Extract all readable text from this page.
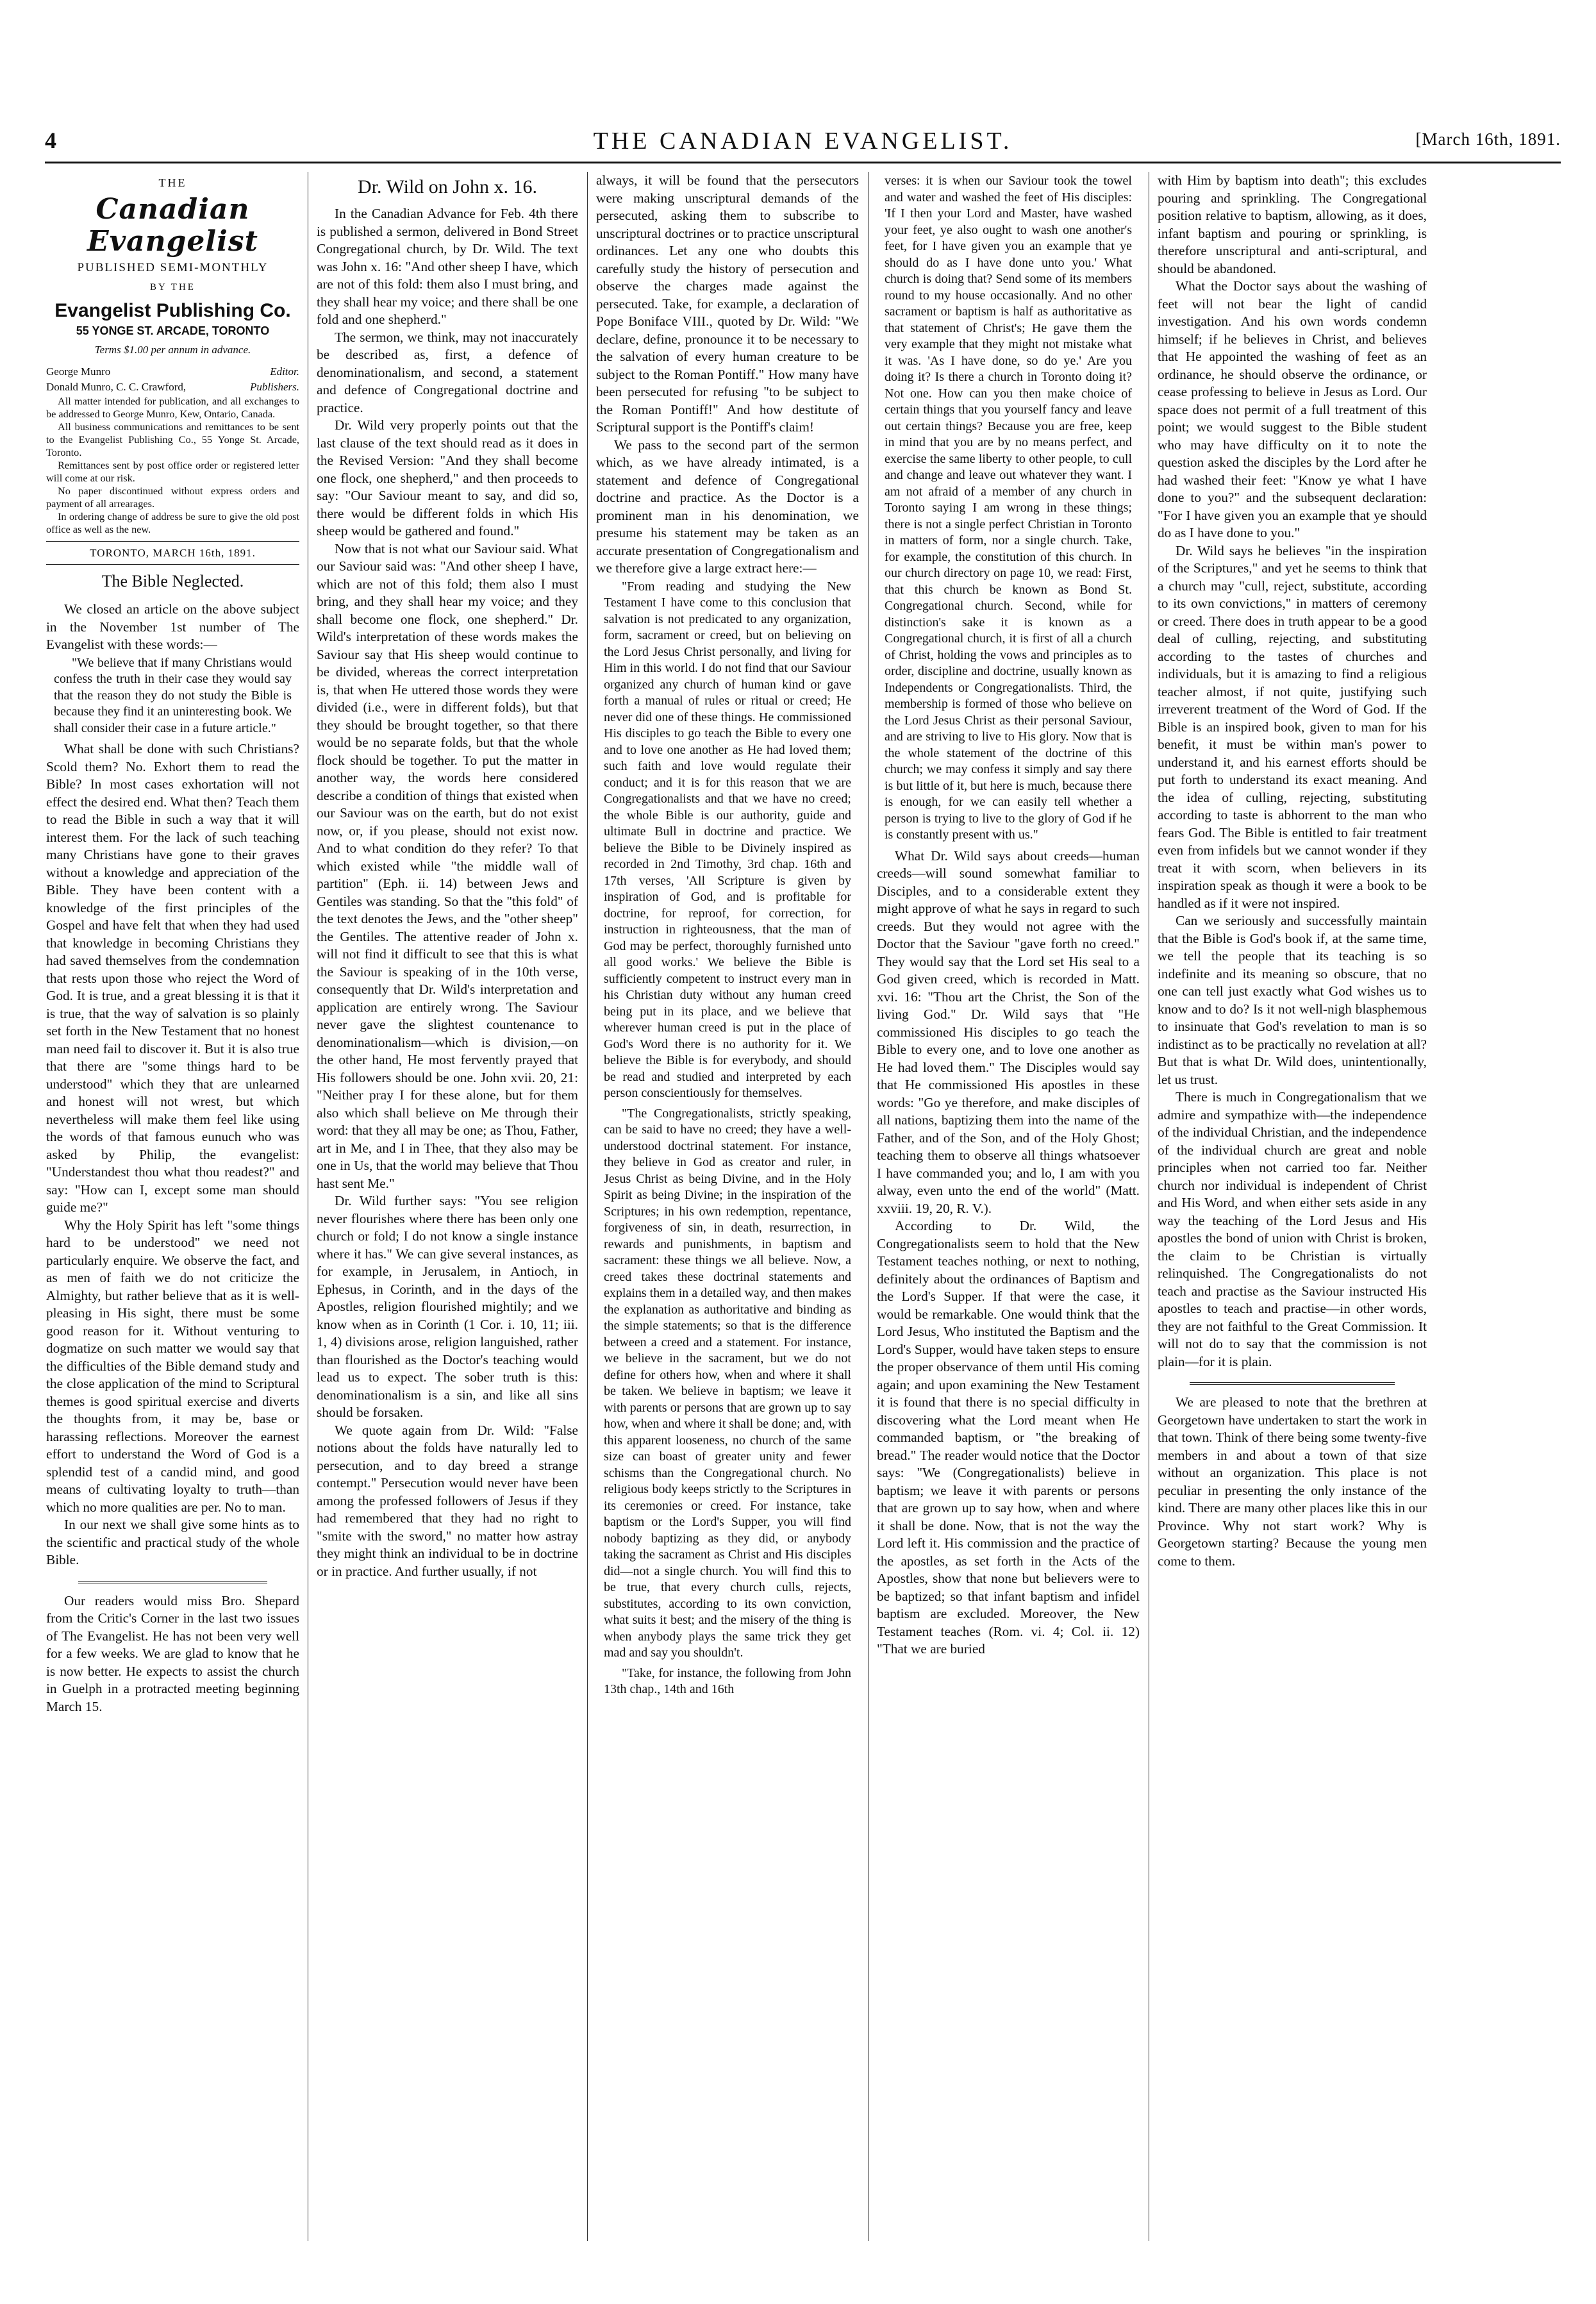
4	THE CANADIAN EVANGELIST.	[March 16th, 1891.
THE
Canadian Evangelist
PUBLISHED SEMI-MONTHLY
BY THE
Evangelist Publishing Co.
55 YONGE ST. ARCADE, TORONTO
Terms $1.00 per annum in advance.
George Munro	Editor.
Donald Munro, C. C. Crawford,	Publishers.

All matter intended for publication, and all exchanges to be addressed to George Munro, Kew, Ontario, Canada.

All business communications and remittances to be sent to the Evangelist Publishing Co., 55 Yonge St. Arcade, Toronto.

Remittances sent by post office order or registered letter will come at our risk.

No paper discontinued without express orders and payment of all arrearages.

In ordering change of address be sure to give the old post office as well as the new.

TORONTO, MARCH 16th, 1891.
The Bible Neglected.

We closed an article on the above subject in the November 1st number of The Evangelist with these words:—

"We believe that if many Christians would confess the truth in their case they would say that the reason they do not study the Bible is because they find it an uninteresting book. We shall consider their case in a future article."

What shall be done with such Christians? Scold them? No. Exhort them to read the Bible? In most cases exhortation will not effect the desired end. What then? Teach them to read the Bible in such a way that it will interest them. For the lack of such teaching many Christians have gone to their graves without a knowledge and appreciation of the Bible. They have been content with a knowledge of the first principles of the Gospel and have felt that when they had used that knowledge in becoming Christians they had saved themselves from the condemnation that rests upon those who reject the Word of God. It is true, and a great blessing it is that it is true, that the way of salvation is so plainly set forth in the New Testament that no honest man need fail to discover it. But it is also true that there are "some things hard to be understood" which they that are unlearned and honest will not wrest, but which nevertheless will make them feel like using the words of that famous eunuch who was asked by Philip, the evangelist: "Understandest thou what thou readest?" and say: "How can I, except some man should guide me?"

Why the Holy Spirit has left "some things hard to be understood" we need not particularly enquire. We observe the fact, and as men of faith we do not criticize the Almighty, but rather believe that as it is well-pleasing in His sight, there must be some good reason for it. Without venturing to dogmatize on such matter we would say that the difficulties of the Bible demand study and the close application of the mind to Scriptural themes is good spiritual exercise and diverts the thoughts from, it may be, base or harassing reflections. Moreover the earnest effort to understand the Word of God is a splendid test of a candid mind, and good means of cultivating loyalty to truth—than which no more qualities are per. No to man.

In our next we shall give some hints as to the scientific and practical study of the whole Bible.

Our readers would miss Bro. Shepard from the Critic's Corner in the last two issues of The Evangelist. He has not been very well for a few weeks. We are glad to know that he is now better. He expects to assist the church in Guelph in a protracted meeting beginning March 15.

Dr. Wild on John x. 16.

In the Canadian Advance for Feb. 4th there is published a sermon, delivered in Bond Street Congregational church, by Dr. Wild. The text was John x. 16: "And other sheep I have, which are not of this fold: them also I must bring, and they shall hear my voice; and there shall be one fold and one shepherd."

The sermon, we think, may not inaccurately be described as, first, a defence of denominationalism, and second, a statement and defence of Congregational doctrine and practice.

Dr. Wild very properly points out that the last clause of the text should read as it does in the Revised Version: "And they shall become one flock, one shepherd," and then proceeds to say: "Our Saviour meant to say, and did so, there would be different folds in which His sheep would be gathered and found."

Now that is not what our Saviour said. What our Saviour said was: "And other sheep I have, which are not of this fold; them also I must bring, and they shall hear my voice; and they shall become one flock, one shepherd." Dr. Wild's interpretation of these words makes the Saviour say that His sheep would continue to be divided, whereas the correct interpretation is, that when He uttered those words they were divided (i.e., were in different folds), but that they should be brought together, so that there would be no separate folds, but that the whole flock should be together. To put the matter in another way, the words here considered describe a condition of things that existed when our Saviour was on the earth, but do not exist now, or, if you please, should not exist now. And to what condition do they refer? To that which existed while "the middle wall of partition" (Eph. ii. 14) between Jews and Gentiles was standing. So that the "this fold" of the text denotes the Jews, and the "other sheep" the Gentiles. The attentive reader of John x. will not find it difficult to see that this is what the Saviour is speaking of in the 10th verse, consequently that Dr. Wild's interpretation and application are entirely wrong. The Saviour never gave the slightest countenance to denominationalism—which is division,—on the other hand, He most fervently prayed that His followers should be one. John xvii. 20, 21: "Neither pray I for these alone, but for them also which shall believe on Me through their word: that they all may be one; as Thou, Father, art in Me, and I in Thee, that they also may be one in Us, that the world may believe that Thou hast sent Me."

Dr. Wild further says: "You see religion never flourishes where there has been only one church or fold; I do not know a single instance where it has." We can give several instances, as for example, in Jerusalem, in Antioch, in Ephesus, in Corinth, and in the days of the Apostles, religion flourished mightily; and we know when as in Corinth (1 Cor. i. 10, 11; iii. 1, 4) divisions arose, religion languished, rather than flourished as the Doctor's teaching would lead us to expect. The sober truth is this: denominationalism is a sin, and like all sins should be forsaken.

We quote again from Dr. Wild: "False notions about the folds have naturally led to persecution, and to day breed a strange contempt." Persecution would never have been among the professed followers of Jesus if they had remembered that they had no right to "smite with the sword," no matter how astray they might think an individual to be in doctrine or in practice. And further usually, if not

always, it will be found that the persecutors were making unscriptural demands of the persecuted, asking them to subscribe to unscriptural doctrines or to practice unscriptural ordinances. Let any one who doubts this carefully study the history of persecution and observe the charges made against the persecuted. Take, for example, a declaration of Pope Boniface VIII., quoted by Dr. Wild: "We declare, define, pronounce it to be necessary to the salvation of every human creature to be subject to the Roman Pontiff." How many have been persecuted for refusing "to be subject to the Roman Pontiff!" And how destitute of Scriptural support is the Pontiff's claim!

We pass to the second part of the sermon which, as we have already intimated, is a statement and defence of Congregational doctrine and practice. As the Doctor is a prominent man in his denomination, we presume his statement may be taken as an accurate presentation of Congregationalism and we therefore give a large extract here:—

"From reading and studying the New Testament I have come to this conclusion that salvation is not predicated to any organization, form, sacrament or creed, but on believing on the Lord Jesus Christ personally, and living for Him in this world. I do not find that our Saviour organized any church of human kind or gave forth a manual of rules or ritual or creed; He never did one of these things. He commissioned His disciples to go teach the Bible to every one and to love one another as He had loved them; such faith and love would regulate their conduct; and it is for this reason that we are Congregationalists and that we have no creed; the whole Bible is our authority, guide and ultimate Bull in doctrine and practice. We believe the Bible to be Divinely inspired as recorded in 2nd Timothy, 3rd chap. 16th and 17th verses, 'All Scripture is given by inspiration of God, and is profitable for doctrine, for reproof, for correction, for instruction in righteousness, that the man of God may be perfect, thoroughly furnished unto all good works.' We believe the Bible is sufficiently competent to instruct every man in his Christian duty without any human creed being put in its place, and we believe that wherever human creed is put in the place of God's Word there is no authority for it. We believe the Bible is for everybody, and should be read and studied and interpreted by each person conscientiously for themselves.

"The Congregationalists, strictly speaking, can be said to have no creed; they have a well-understood doctrinal statement. For instance, they believe in God as creator and ruler, in Jesus Christ as being Divine, and in the Holy Spirit as being Divine; in the inspiration of the Scriptures; in his own redemption, repentance, forgiveness of sin, in death, resurrection, in rewards and punishments, in baptism and sacrament: these things we all believe. Now, a creed takes these doctrinal statements and explains them in a detailed way, and then makes the explanation as authoritative and binding as the simple statements; so that is the difference between a creed and a statement. For instance, we believe in the sacrament, but we do not define for others how, when and where it shall be taken. We believe in baptism; we leave it with parents or persons that are grown up to say how, when and where it shall be done; and, with this apparent looseness, no church of the same size can boast of greater unity and fewer schisms than the Congregational church. No religious body keeps strictly to the Scriptures in its ceremonies or creed. For instance, take baptism or the Lord's Supper, you will find nobody baptizing as they did, or anybody taking the sacrament as Christ and His disciples did—not a single church. You will find this to be true, that every church culls, rejects, substitutes, according to its own conviction, what suits it best; and the misery of the thing is when anybody plays the same trick they get mad and say you shouldn't.

"Take, for instance, the following from John 13th chap., 14th and 16th

verses: it is when our Saviour took the towel and water and washed the feet of His disciples: 'If I then your Lord and Master, have washed your feet, ye also ought to wash one another's feet, for I have given you an example that ye should do as I have done unto you.' What church is doing that? Send some of its members round to my house occasionally. And no other sacrament or baptism is half as authoritative as that statement of Christ's; He gave them the very example that they might not mistake what it was. 'As I have done, so do ye.' Are you doing it? Is there a church in Toronto doing it? Not one. How can you then make choice of certain things that you yourself fancy and leave out certain things? Because you are free, keep in mind that you are by no means perfect, and exercise the same liberty to other people, to cull and change and leave out whatever they want. I am not afraid of a member of any church in Toronto saying I am wrong in these things; there is not a single perfect Christian in Toronto in matters of form, nor a single church. Take, for example, the constitution of this church. In our church directory on page 10, we read: First, that this church be known as Bond St. Congregational church. Second, while for distinction's sake it is known as a Congregational church, it is first of all a church of Christ, holding the vows and principles as to order, discipline and doctrine, usually known as Independents or Congregationalists. Third, the membership is formed of those who believe on the Lord Jesus Christ as their personal Saviour, and are striving to live to His glory. Now that is the whole statement of the doctrine of this church; we may confess it simply and say there is but little of it, but here is much, because there is enough, for we can easily tell whether a person is trying to live to the glory of God if he is constantly present with us."

What Dr. Wild says about creeds—human creeds—will sound somewhat familiar to Disciples, and to a considerable extent they might approve of what he says in regard to such creeds. But they would not agree with the Doctor that the Saviour "gave forth no creed." They would say that the Lord set His seal to a God given creed, which is recorded in Matt. xvi. 16: "Thou art the Christ, the Son of the living God." Dr. Wild says that "He commissioned His disciples to go teach the Bible to every one, and to love one another as He had loved them." The Disciples would say that He commissioned His apostles in these words: "Go ye therefore, and make disciples of all nations, baptizing them into the name of the Father, and of the Son, and of the Holy Ghost; teaching them to observe all things whatsoever I have commanded you; and lo, I am with you alway, even unto the end of the world" (Matt. xxviii. 19, 20, R. V.).

According to Dr. Wild, the Congregationalists seem to hold that the New Testament teaches nothing, or next to nothing, definitely about the ordinances of Baptism and the Lord's Supper. If that were the case, it would be remarkable. One would think that the Lord Jesus, Who instituted the Baptism and the Lord's Supper, would have taken steps to ensure the proper observance of them until His coming again; and upon examining the New Testament it is found that there is no special difficulty in discovering what the Lord meant when He commanded baptism, or "the breaking of bread." The reader would notice that the Doctor says: "We (Congregationalists) believe in baptism; we leave it with parents or persons that are grown up to say how, when and where it shall be done. Now, that is not the way the Lord left it. His commission and the practice of the apostles, as set forth in the Acts of the Apostles, show that none but believers were to be baptized; so that infant baptism and infidel baptism are excluded. Moreover, the New Testament teaches (Rom. vi. 4; Col. ii. 12) "That we are buried

with Him by baptism into death"; this excludes pouring and sprinkling. The Congregational position relative to baptism, allowing, as it does, infant baptism and pouring or sprinkling, is therefore unscriptural and anti-scriptural, and should be abandoned.

What the Doctor says about the washing of feet will not bear the light of candid investigation. And his own words condemn himself; if he believes in Christ, and believes that He appointed the washing of feet as an ordinance, he should observe the ordinance, or cease professing to believe in Jesus as Lord. Our space does not permit of a full treatment of this point; we would suggest to the Bible student who may have difficulty on it to note the question asked the disciples by the Lord after he had washed their feet: "Know ye what I have done to you?" and the subsequent declaration: "For I have given you an example that ye should do as I have done to you."

Dr. Wild says he believes "in the inspiration of the Scriptures," and yet he seems to think that a church may "cull, reject, substitute, according to its own convictions," in matters of ceremony or creed. There does in truth appear to be a good deal of culling, rejecting, and substituting according to the tastes of churches and individuals, but it is amazing to find a religious teacher almost, if not quite, justifying such irreverent treatment of the Word of God. If the Bible is an inspired book, given to man for his benefit, it must be within man's power to understand it, and his earnest efforts should be put forth to understand its exact meaning. And the idea of culling, rejecting, substituting according to taste is abhorrent to the man who fears God. The Bible is entitled to fair treatment even from infidels but we cannot wonder if they treat it with scorn, when believers in its inspiration speak as though it were a book to be handled as if it were not inspired.

Can we seriously and successfully maintain that the Bible is God's book if, at the same time, we tell the people that its teaching is so indefinite and its meaning so obscure, that no one can tell just exactly what God wishes us to know and to do? Is it not well-nigh blasphemous to insinuate that God's revelation to man is so indistinct as to be practically no revelation at all? But that is what Dr. Wild does, unintentionally, let us trust.

There is much in Congregationalism that we admire and sympathize with—the independence of the individual Christian, and the independence of the individual church are great and noble principles when not carried too far. Neither church nor individual is independent of Christ and His Word, and when either sets aside in any way the teaching of the Lord Jesus and His apostles the bond of union with Christ is broken, the claim to be Christian is virtually relinquished. The Congregationalists do not teach and practise as the Saviour instructed His apostles to teach and practise—in other words, they are not faithful to the Great Commission. It will not do to say that the commission is not plain—for it is plain.

We are pleased to note that the brethren at Georgetown have undertaken to start the work in that town. Think of there being some twenty-five members in and about a town of that size without an organization. This place is not peculiar in presenting the only instance of the kind. There are many other places like this in our Province. Why not start work? Why is Georgetown starting? Because the young men come to them.
